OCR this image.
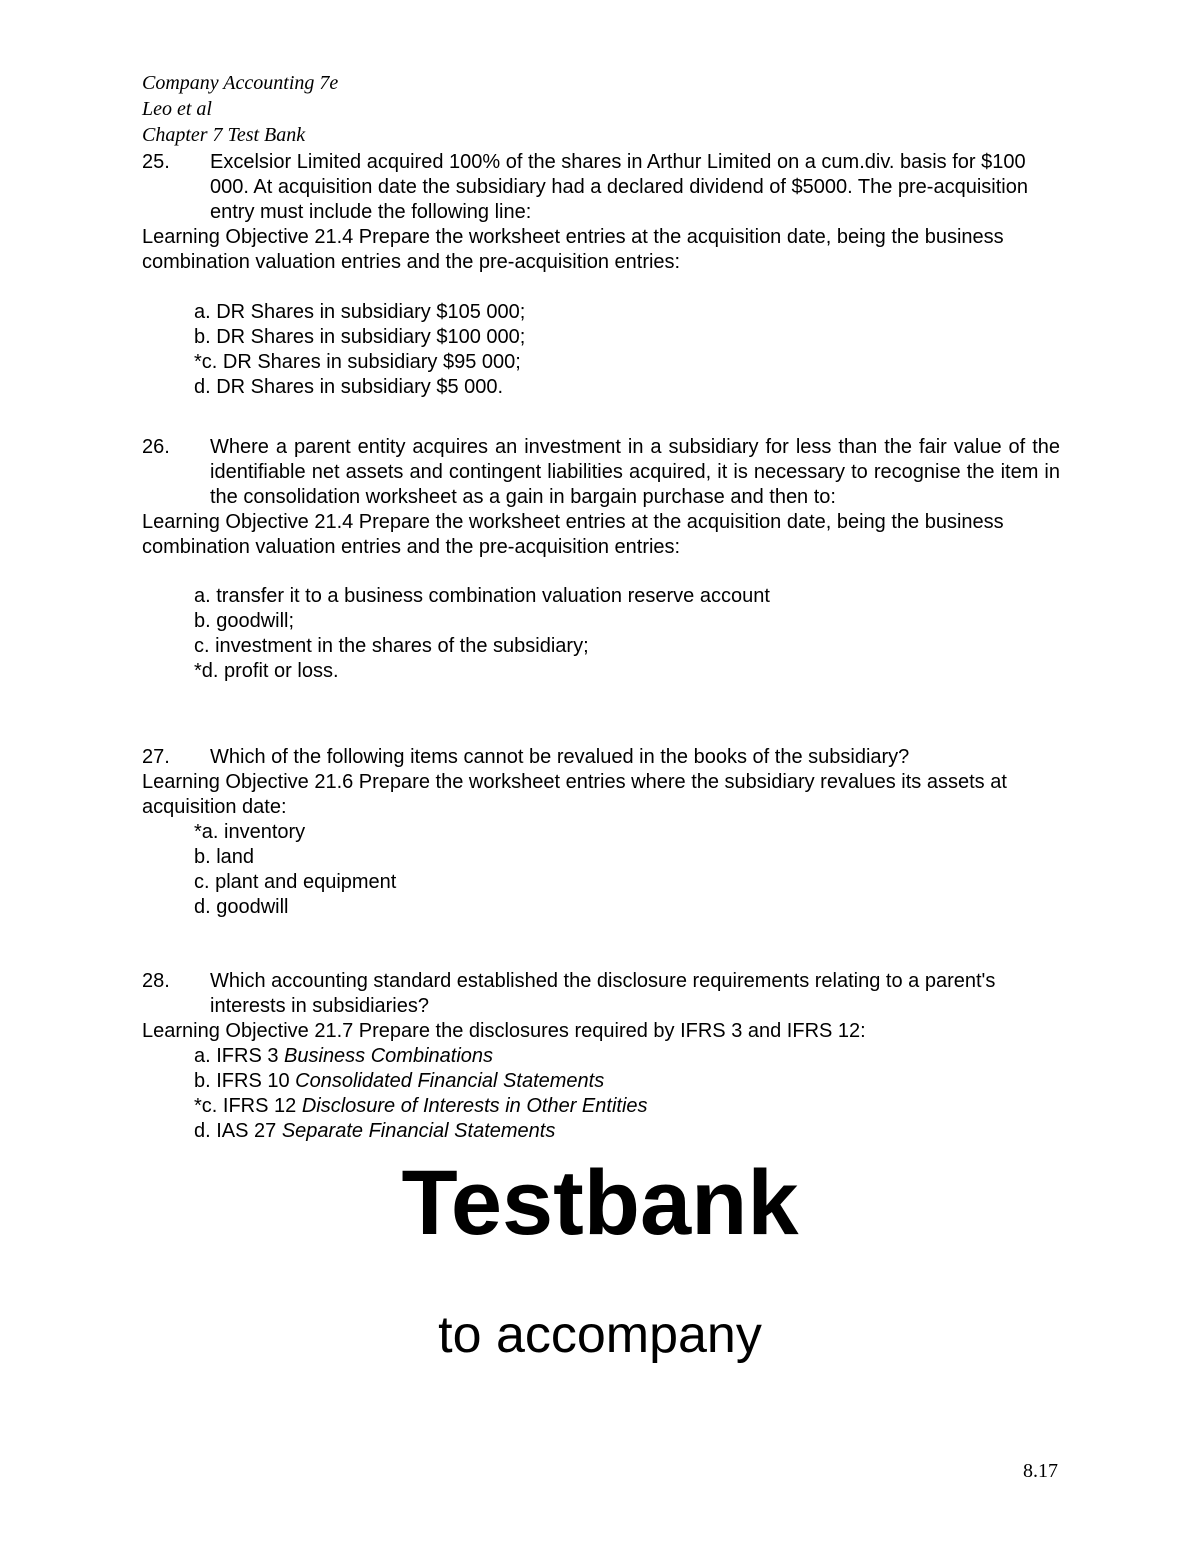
Company Accounting 7e
Leo et al
Chapter 7 Test Bank
25. Excelsior Limited acquired 100% of the shares in Arthur Limited on a cum.div. basis for $100 000. At acquisition date the subsidiary had a declared dividend of $5000. The pre-acquisition entry must include the following line:
Learning Objective 21.4 Prepare the worksheet entries at the acquisition date, being the business combination valuation entries and the pre-acquisition entries:
a. DR Shares in subsidiary $105 000;
b. DR Shares in subsidiary $100 000;
*c. DR Shares in subsidiary $95 000;
d. DR Shares in subsidiary $5 000.
26. Where a parent entity acquires an investment in a subsidiary for less than the fair value of the identifiable net assets and contingent liabilities acquired, it is necessary to recognise the item in the consolidation worksheet as a gain in bargain purchase and then to:
Learning Objective 21.4 Prepare the worksheet entries at the acquisition date, being the business combination valuation entries and the pre-acquisition entries:
a. transfer it to a business combination valuation reserve account
b. goodwill;
c. investment in the shares of the subsidiary;
*d. profit or loss.
27. Which of the following items cannot be revalued in the books of the subsidiary?
Learning Objective 21.6 Prepare the worksheet entries where the subsidiary revalues its assets at acquisition date:
*a. inventory
b. land
c. plant and equipment
d. goodwill
28. Which accounting standard established the disclosure requirements relating to a parent's interests in subsidiaries?
Learning Objective 21.7 Prepare the disclosures required by IFRS 3 and IFRS 12:
a. IFRS 3 Business Combinations
b. IFRS 10 Consolidated Financial Statements
*c. IFRS 12 Disclosure of Interests in Other Entities
d. IAS 27 Separate Financial Statements
Testbank
to accompany
8.17
